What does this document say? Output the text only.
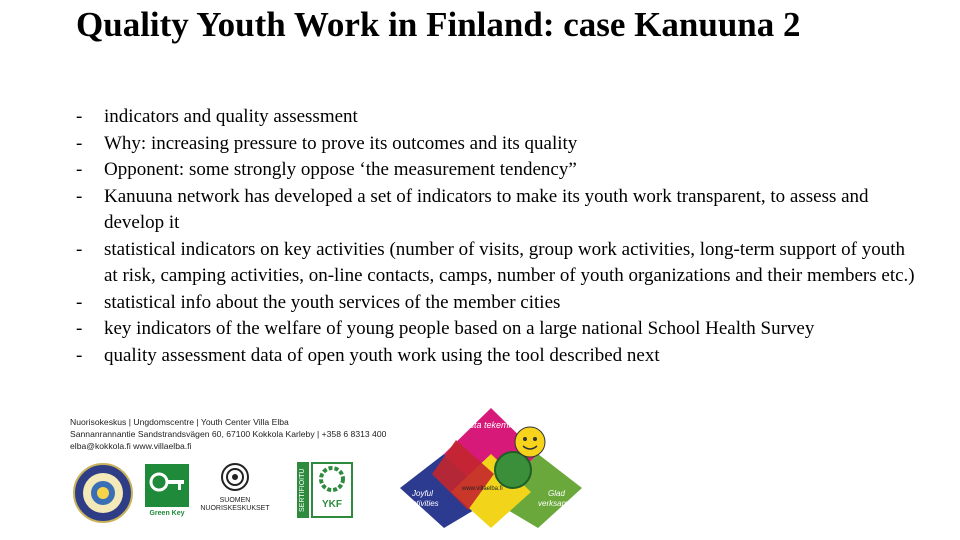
Quality Youth Work in Finland: case Kanuuna 2
-	indicators and quality assessment
-	Why: increasing pressure to prove its outcomes and its quality
-	Opponent: some strongly oppose ‘the measurement tendency”
-	Kanuuna network has developed a set of indicators to make its youth work transparent, to assess and develop it
-	statistical indicators on key activities (number of visits, group work activities, long-term support of youth at risk, camping activities, on-line contacts, camps, number of youth organizations and their members etc.)
-	statistical info about the youth services of the member cities
-	key indicators of the welfare of young people based on a large national School Health Survey
-	quality assessment data of open youth work using the tool described next
Nuorisokeskus | Ungdomscentre | Youth Center Villa Elba
Sannanrannantie Sandstrandsvägen 60, 67100 Kokkola Karleby | +358 6 8313 400
elba@kokkola.fi www.villaelba.fi
Green Key
SUOMEN
NUORISKESKUKSET	SERTIFIOITU	YKF
Iloista tekemistä
Joyful
activities
Glad
verksamhet
www.villaelba.fi
